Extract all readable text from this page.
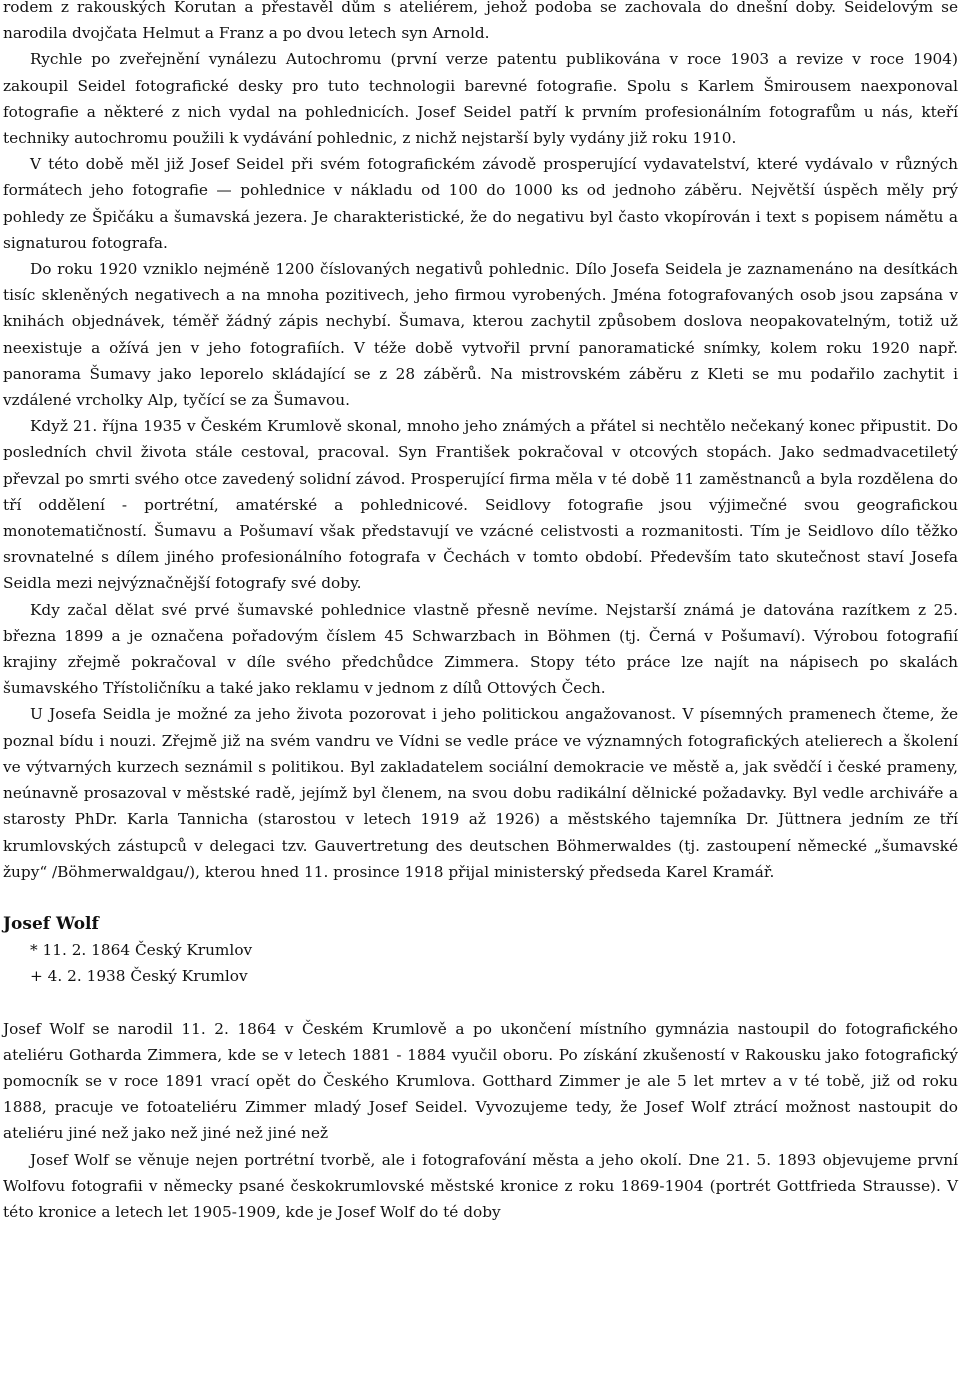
rodem z rakouských Korutan a přestavěl dům s ateliérem, jehož podoba se zachovala do dnešní doby. Seidelovým se narodila dvojčata Helmut a Franz a po dvou letech syn Arnold.

Rychle po zveřejnění vynálezu Autochromu (první verze patentu publikována v roce 1903 a revize v roce 1904) zakoupil Seidel fotografické desky pro tuto technologii barevné fotografie. Spolu s Karlem Šmirousem naexponoval fotografie a některé z nich vydal na pohlednicích. Josef Seidel patří k prvním profesionálním fotografům u nás, kteří techniky autochromu použili k vydávání pohlednic, z nichž nejstarší byly vydány již roku 1910.

V této době měl již Josef Seidel při svém fotografickém závodě prosperující vydavatelství, které vydávalo v různých formátech jeho fotografie — pohlednice v nákladu od 100 do 1000 ks od jednoho záběru. Největší úspěch měly prý pohledy ze Špičáku a šumavská jezera. Je charakteristické, že do negativu byl často vkopírován i text s popisem námětu a signaturou fotografa.

Do roku 1920 vzniklo nejméně 1200 číslovaných negativů pohlednic. Dílo Josefa Seidela je zaznamenáno na desítkách tisíc skleněných negativech a na mnoha pozitivech, jeho firmou vyrobených. Jména fotografovaných osob jsou zapsána v knihách objednávek, téměř žádný zápis nechybí. Šumava, kterou zachytil způsobem doslova neopakovatelným, totiž už neexistuje a ožívá jen v jeho fotografiích. V téže době vytvořil první panoramatické snímky, kolem roku 1920 např. panorama Šumavy jako leporelo skládající se z 28 záběrů. Na mistrovském záběru z Kleti se mu podařilo zachytit i vzdálené vrcholky Alp, tyčící se za Šumavou.

Když 21. října 1935 v Českém Krumlově skonal, mnoho jeho známých a přátel si nechtělo nečekaný konec připustit. Do posledních chvil života stále cestoval, pracoval. Syn František pokračoval v otcových stopách. Jako sedmadvacetiletý převzal po smrti svého otce zavedený solidní závod. Prosperující firma měla v té době 11 zaměstnanců a byla rozdělena do tří oddělení - portrétní, amatérské a pohlednicové. Seidlovy fotografie jsou výjimečné svou geografickou monotematičností. Šumavu a Pošumaví však představují ve vzácné celistvosti a rozmanitosti. Tím je Seidlovo dílo těžko srovnatelné s dílem jiného profesionálního fotografa v Čechách v tomto období. Především tato skutečnost staví Josefa Seidla mezi nejvýznačnější fotografy své doby.

Kdy začal dělat své prvé šumavské pohlednice vlastně přesně nevíme. Nejstarší známá je datována razítkem z 25. března 1899 a je označena pořadovým číslem 45 Schwarzbach in Böhmen (tj. Černá v Pošumaví). Výrobou fotografií krajiny zřejmě pokračoval v díle svého předchůdce Zimmera. Stopy této práce lze najít na nápisech po skalách šumavského Třístoličníku a také jako reklamu v jednom z dílů Ottových Čech.

U Josefa Seidla je možné za jeho života pozorovat i jeho politickou angažovanost. V písemných pramenech čteme, že poznal bídu i nouzi. Zřejmě již na svém vandru ve Vídni se vedle práce ve významných fotografických atelierech a školení ve výtvarných kurzech seznámil s politikou. Byl zakladatelem sociální demokracie ve městě a, jak svědčí i české prameny, neúnavně prosazoval v městské radě, jejímž byl členem, na svou dobu radikální dělnické požadavky. Byl vedle archiváře a starosty PhDr. Karla Tannicha (starostou v letech 1919 až 1926) a městského tajemníka Dr. Jüttnera jedním ze tří krumlovských zástupců v delegaci tzv. Gauvertretung des deutschen Böhmerwaldes (tj. zastoupení německé „šumavské župy“ /Böhmerwaldgau/), kterou hned 11. prosince 1918 přijal ministerský předseda Karel Kramář.

Josef Wolf

* 11. 2. 1864 Český Krumlov

+ 4. 2. 1938 Český Krumlov

Josef Wolf se narodil 11. 2. 1864 v Českém Krumlově a po ukončení místního gymnázia nastoupil do fotografického ateliéru Gotharda Zimmera, kde se v letech 1881 - 1884 vyučil oboru. Po získání zkušeností v Rakousku jako fotografický pomocník se v roce 1891 vrací opět do Českého Krumlova. Gotthard Zimmer je ale 5 let mrtev a v té tobě, již od roku 1888, pracuje ve fotoateliéru Zimmer mladý Josef Seidel. Vyvozujeme tedy, že Josef Wolf ztrácí možnost nastoupit do ateliéru jiné než jako než jiné než jiné než

Josef Wolf se věnuje nejen portrétní tvorbě, ale i fotografování města a jeho okolí. Dne 21. 5. 1893 objevujeme první Wolfovu fotografii v německy psané českokrumlovské městské kronice z roku 1869-1904 (portrét Gottfrieda Strausse). V této kronice a letech let 1905-1909, kde je Josef Wolf do té doby
